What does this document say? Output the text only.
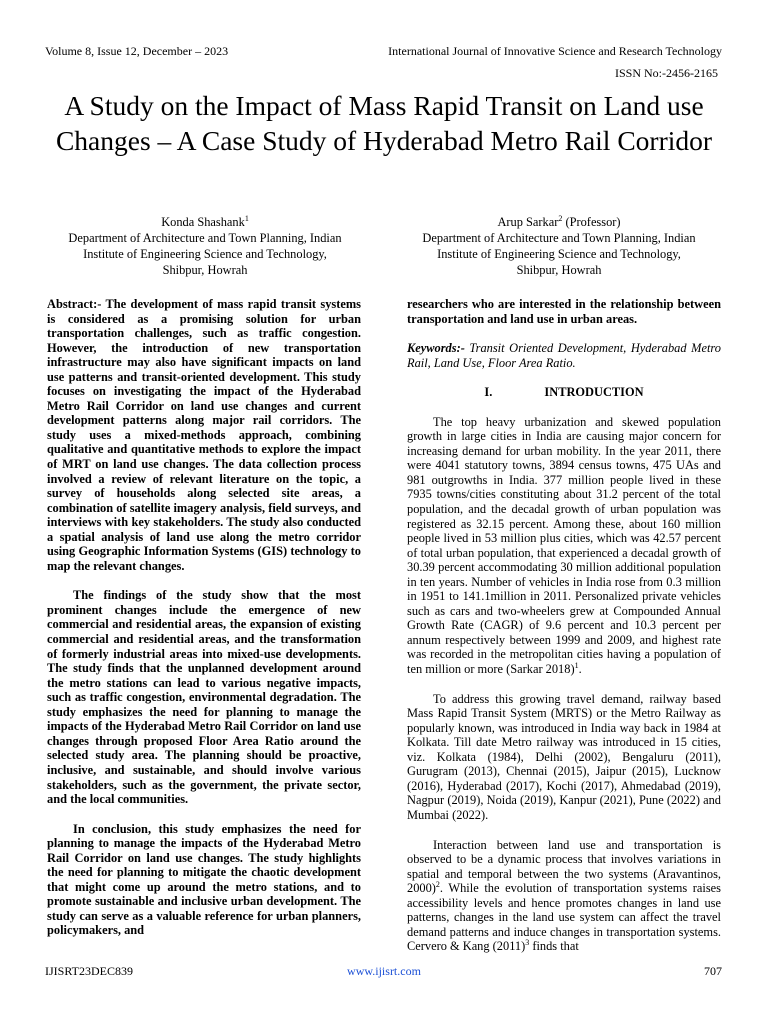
Volume 8, Issue 12, December – 2023	International Journal of Innovative Science and Research Technology
ISSN No:-2456-2165
A Study on the Impact of Mass Rapid Transit on Land use Changes – A Case Study of Hyderabad Metro Rail Corridor
Konda Shashank$^1$
Department of Architecture and Town Planning, Indian
Institute of Engineering Science and Technology,
Shibpur, Howrah
Arup Sarkar$^2$ (Professor)
Department of Architecture and Town Planning, Indian
Institute of Engineering Science and Technology,
Shibpur, Howrah

Abstract:- The development of mass rapid transit systems is considered as a promising solution for urban transportation challenges, such as traffic congestion. However, the introduction of new transportation infrastructure may also have significant impacts on land use patterns and transit-oriented development. This study focuses on investigating the impact of the Hyderabad Metro Rail Corridor on land use changes and current development patterns along major rail corridors. The study uses a mixed-methods approach, combining qualitative and quantitative methods to explore the impact of MRT on land use changes. The data collection process involved a review of relevant literature on the topic, a survey of households along selected site areas, a combination of satellite imagery analysis, field surveys, and interviews with key stakeholders. The study also conducted a spatial analysis of land use along the metro corridor using Geographic Information Systems (GIS) technology to map the relevant changes.

The findings of the study show that the most prominent changes include the emergence of new commercial and residential areas, the expansion of existing commercial and residential areas, and the transformation of formerly industrial areas into mixed-use developments. The study finds that the unplanned development around the metro stations can lead to various negative impacts, such as traffic congestion, environmental degradation. The study emphasizes the need for planning to manage the impacts of the Hyderabad Metro Rail Corridor on land use changes through proposed Floor Area Ratio around the selected study area. The planning should be proactive, inclusive, and sustainable, and should involve various stakeholders, such as the government, the private sector, and the local communities.

In conclusion, this study emphasizes the need for planning to manage the impacts of the Hyderabad Metro Rail Corridor on land use changes. The study highlights the need for planning to mitigate the chaotic development that might come up around the metro stations, and to promote sustainable and inclusive urban development. The study can serve as a valuable reference for urban planners, policymakers, and

researchers who are interested in the relationship between transportation and land use in urban areas.

Keywords:- Transit Oriented Development, Hyderabad Metro Rail, Land Use, Floor Area Ratio.

I.	INTRODUCTION

The top heavy urbanization and skewed population growth in large cities in India are causing major concern for increasing demand for urban mobility. In the year 2011, there were 4041 statutory towns, 3894 census towns, 475 UAs and 981 outgrowths in India. 377 million people lived in these 7935 towns/cities constituting about 31.2 percent of the total population, and the decadal growth of urban population was registered as 32.15 percent. Among these, about 160 million people lived in 53 million plus cities, which was 42.57 percent of total urban population, that experienced a decadal growth of 30.39 percent accommodating 30 million additional population in ten years. Number of vehicles in India rose from 0.3 million in 1951 to 141.1million in 2011. Personalized private vehicles such as cars and two-wheelers grew at Compounded Annual Growth Rate (CAGR) of 9.6 percent and 10.3 percent per annum respectively between 1999 and 2009, and highest rate was recorded in the metropolitan cities having a population of ten million or more (Sarkar 2018)$^1$.

To address this growing travel demand, railway based Mass Rapid Transit System (MRTS) or the Metro Railway as popularly known, was introduced in India way back in 1984 at Kolkata. Till date Metro railway was introduced in 15 cities, viz. Kolkata (1984), Delhi (2002), Bengaluru (2011), Gurugram (2013), Chennai (2015), Jaipur (2015), Lucknow (2016), Hyderabad (2017), Kochi (2017), Ahmedabad (2019), Nagpur (2019), Noida (2019), Kanpur (2021), Pune (2022) and Mumbai (2022).

Interaction between land use and transportation is observed to be a dynamic process that involves variations in spatial and temporal between the two systems (Aravantinos, 2000)$^2$. While the evolution of transportation systems raises accessibility levels and hence promotes changes in land use patterns, changes in the land use system can affect the travel demand patterns and induce changes in transportation systems. Cervero & Kang $(2011)^3$ finds that

IJISRT23DEC839	www.ijisrt.com	707
